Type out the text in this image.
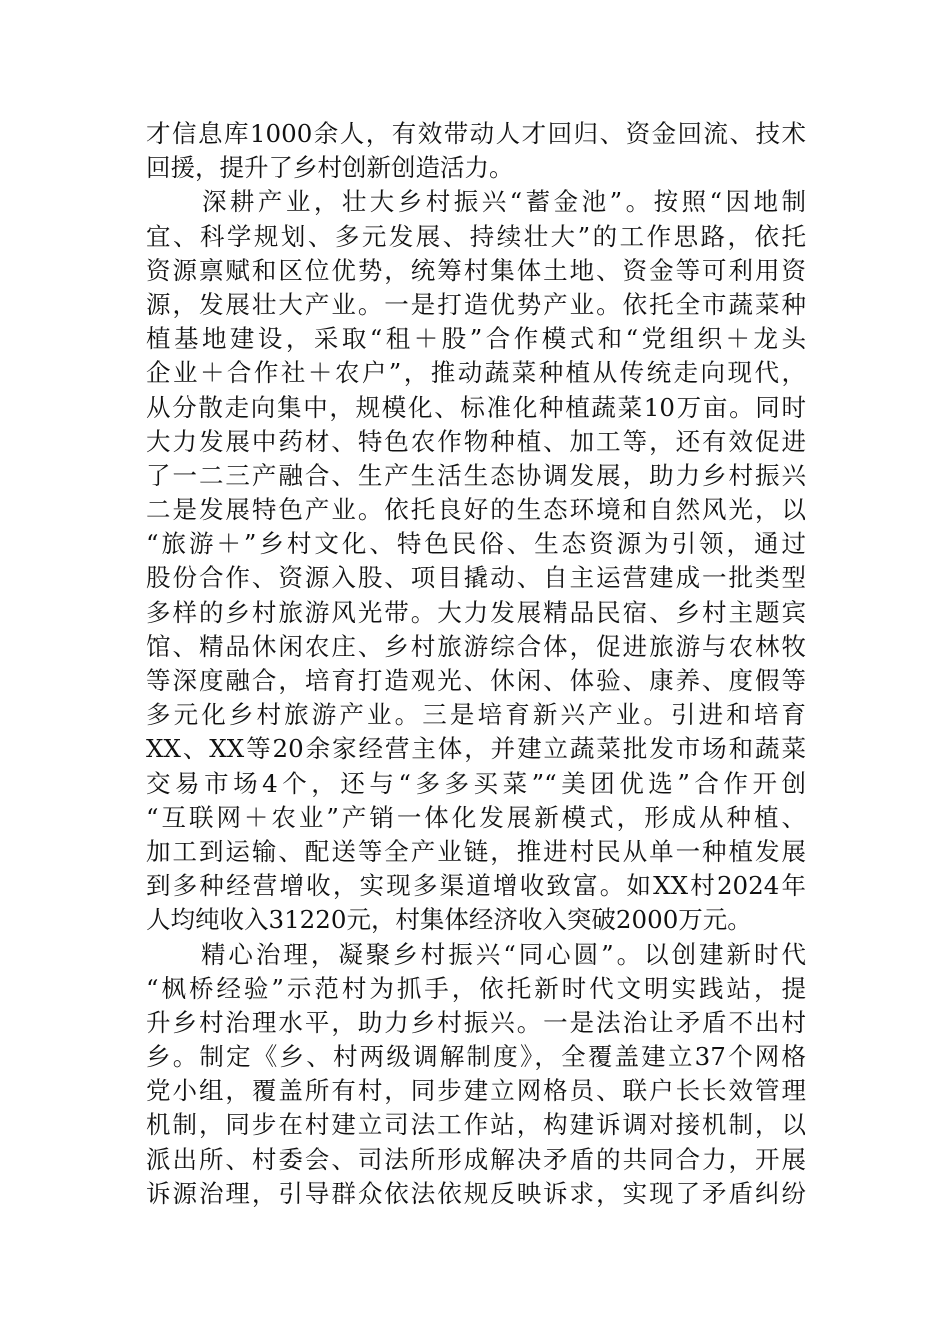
才信息库1000余人，有效带动人才回归、资金回流、技术
回援，提升了乡村创新创造活力。
　　深耕产业，壮大乡村振兴“蓄金池”。按照“因地制
宜、科学规划、多元发展、持续壮大”的工作思路，依托
资源禀赋和区位优势，统筹村集体土地、资金等可利用资
源，发展壮大产业。一是打造优势产业。依托全市蔬菜种
植基地建设，采取“租＋股”合作模式和“党组织＋龙头
企业＋合作社＋农户”，推动蔬菜种植从传统走向现代，
从分散走向集中，规模化、标准化种植蔬菜10万亩。同时
大力发展中药材、特色农作物种植、加工等，还有效促进
了一二三产融合、生产生活生态协调发展，助力乡村振兴
二是发展特色产业。依托良好的生态环境和自然风光，以
“旅游＋”乡村文化、特色民俗、生态资源为引领，通过
股份合作、资源入股、项目撬动、自主运营建成一批类型
多样的乡村旅游风光带。大力发展精品民宿、乡村主题宾
馆、精品休闲农庄、乡村旅游综合体，促进旅游与农林牧
等深度融合，培育打造观光、休闲、体验、康养、度假等
多元化乡村旅游产业。三是培育新兴产业。引进和培育
XX、XX等20余家经营主体，并建立蔬菜批发市场和蔬菜
交易市场4个，还与“多多买菜”“美团优选”合作开创
“互联网＋农业”产销一体化发展新模式，形成从种植、
加工到运输、配送等全产业链，推进村民从单一种植发展
到多种经营增收，实现多渠道增收致富。如XX村2024年
人均纯收入31220元，村集体经济收入突破2000万元。
　　精心治理，凝聚乡村振兴“同心圆”。以创建新时代
“枫桥经验”示范村为抓手，依托新时代文明实践站，提
升乡村治理水平，助力乡村振兴。一是法治让矛盾不出村
乡。制定《乡、村两级调解制度》，全覆盖建立37个网格
党小组，覆盖所有村，同步建立网格员、联户长长效管理
机制，同步在村建立司法工作站，构建诉调对接机制，以
派出所、村委会、司法所形成解决矛盾的共同合力，开展
诉源治理，引导群众依法依规反映诉求，实现了矛盾纠纷
